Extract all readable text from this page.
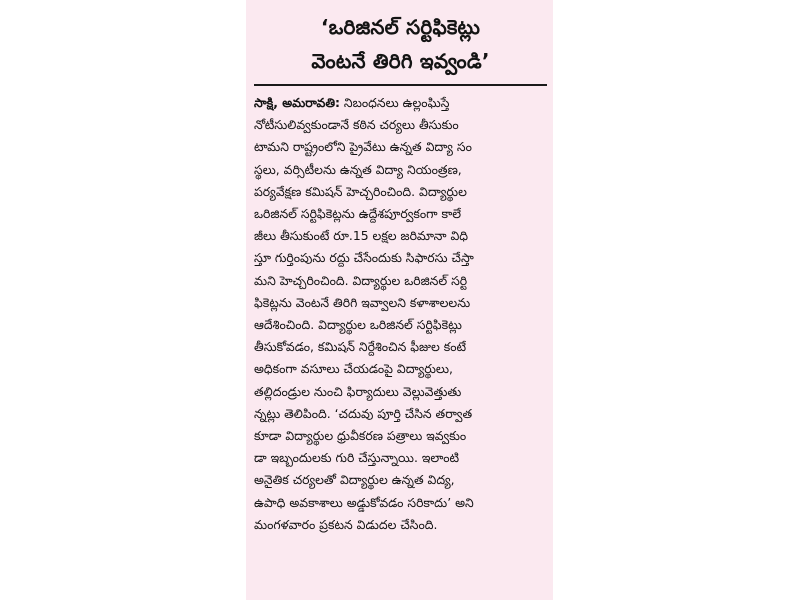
‘ఒరిజినల్ సర్టిఫికెట్లు
వెంటనే తిరిగి ఇవ్వండి’
సాక్షి, అమరావతి: నిబంధనలు ఉల్లంఘిస్తే
నోటీసులివ్వకుండానే కఠిన చర్యలు తీసుకుం
టామని రాష్ట్రంలోని ప్రైవేటు ఉన్నత విద్యా సం
స్థలు, వర్సిటీలను ఉన్నత విద్యా నియంత్రణ,
పర్యవేక్షణ కమిషన్ హెచ్చరించింది. విద్యార్థుల
ఒరిజినల్ సర్టిఫికెట్లను ఉద్దేశపూర్వకంగా కాలే
జీలు తీసుకుంటే రూ.15 లక్షల జరిమానా విధి
స్తూ గుర్తింపును రద్దు చేసేందుకు సిఫారసు చేస్తా
మని హెచ్చరించింది. విద్యార్థుల ఒరిజినల్ సర్టి
ఫికెట్లను వెంటనే తిరిగి ఇవ్వాలని కళాశాలలను
ఆదేశించింది. విద్యార్థుల ఒరిజినల్ సర్టిఫికెట్లు
తీసుకోవడం, కమిషన్ నిర్దేశించిన ఫీజుల కంటే
అధికంగా వసూలు చేయడంపై విద్యార్థులు,
తల్లిదండ్రుల నుంచి ఫిర్యాదులు వెల్లువెత్తుతు
న్నట్లు తెలిపింది. ‘చదువు పూర్తి చేసిన తర్వాత
కూడా విద్యార్థుల ధ్రువీకరణ పత్రాలు ఇవ్వకుం
డా ఇబ్బందులకు గురి చేస్తున్నాయి. ఇలాంటి
అనైతిక చర్యలతో విద్యార్థుల ఉన్నత విద్య,
ఉపాధి అవకాశాలు అడ్డుకోవడం సరికాదు’ అని
మంగళవారం ప్రకటన విడుదల చేసింది.
